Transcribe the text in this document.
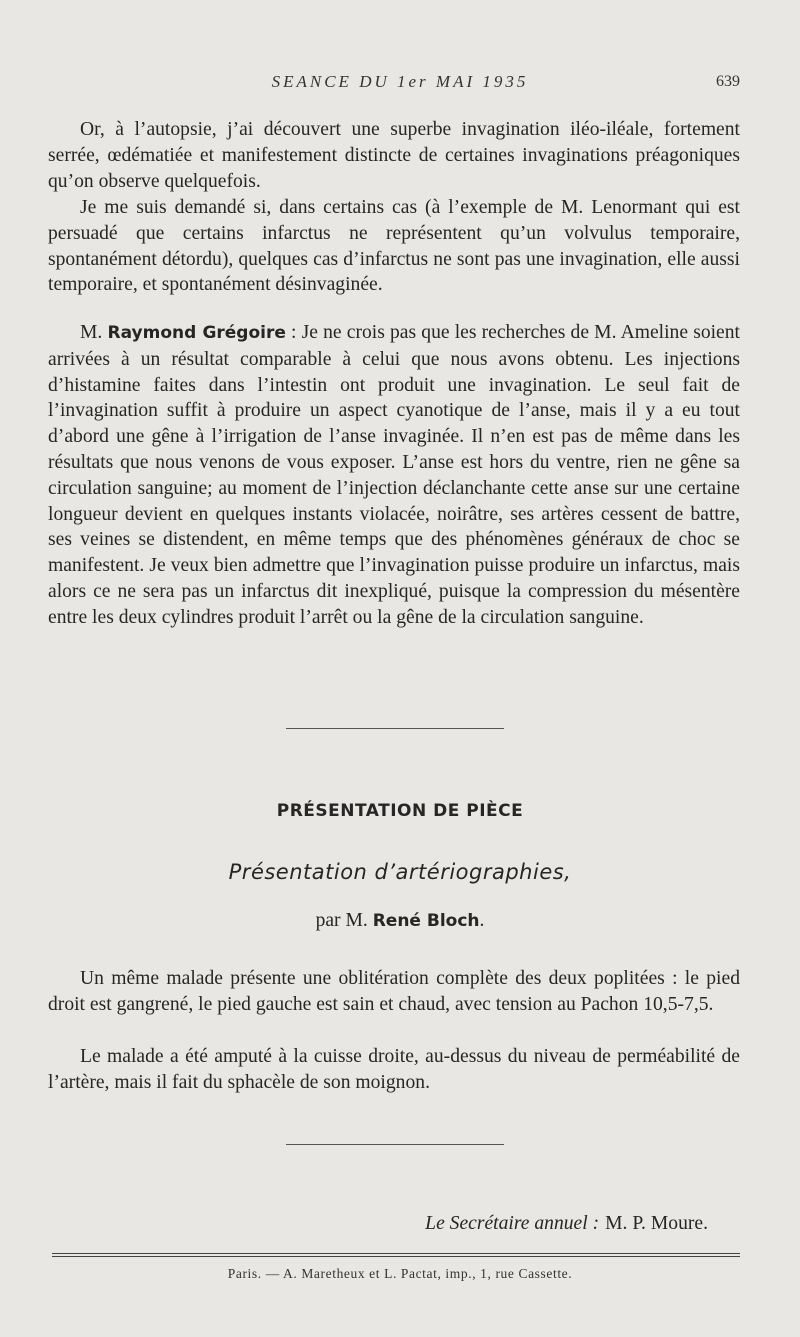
SEANCE DU 1er MAI 1935	639

Or, à l’autopsie, j’ai découvert une superbe invagination iléo-iléale, fortement serrée, œdématiée et manifestement distincte de certaines invaginations préagoniques qu’on observe quelquefois.

Je me suis demandé si, dans certains cas (à l’exemple de M. Lenormant qui est persuadé que certains infarctus ne représentent qu’un volvulus temporaire, spontanément détordu), quelques cas d’infarctus ne sont pas une invagination, elle aussi temporaire, et spontanément désinvaginée.

M. Raymond Grégoire : Je ne crois pas que les recherches de M. Ameline soient arrivées à un résultat comparable à celui que nous avons obtenu. Les injections d’histamine faites dans l’intestin ont produit une invagination. Le seul fait de l’invagination suffit à produire un aspect cyanotique de l’anse, mais il y a eu tout d’abord une gêne à l’irrigation de l’anse invaginée. Il n’en est pas de même dans les résultats que nous venons de vous exposer. L’anse est hors du ventre, rien ne gêne sa circulation sanguine; au moment de l’injection déclanchante cette anse sur une certaine longueur devient en quelques instants violacée, noirâtre, ses artères cessent de battre, ses veines se distendent, en même temps que des phénomènes généraux de choc se manifestent. Je veux bien admettre que l’invagination puisse produire un infarctus, mais alors ce ne sera pas un infarctus dit inexpliqué, puisque la compression du mésentère entre les deux cylindres produit l’arrêt ou la gêne de la circulation sanguine.

PRÉSENTATION DE PIÈCE
Présentation d’artériographies,
par M. René Bloch.

Un même malade présente une oblitération complète des deux poplitées : le pied droit est gangrené, le pied gauche est sain et chaud, avec tension au Pachon 10,5-7,5.

Le malade a été amputé à la cuisse droite, au-dessus du niveau de perméabilité de l’artère, mais il fait du sphacèle de son moignon.

Le Secrétaire annuel : M. P. Moure.
Paris. — A. Maretheux et L. Pactat, imp., 1, rue Cassette.
